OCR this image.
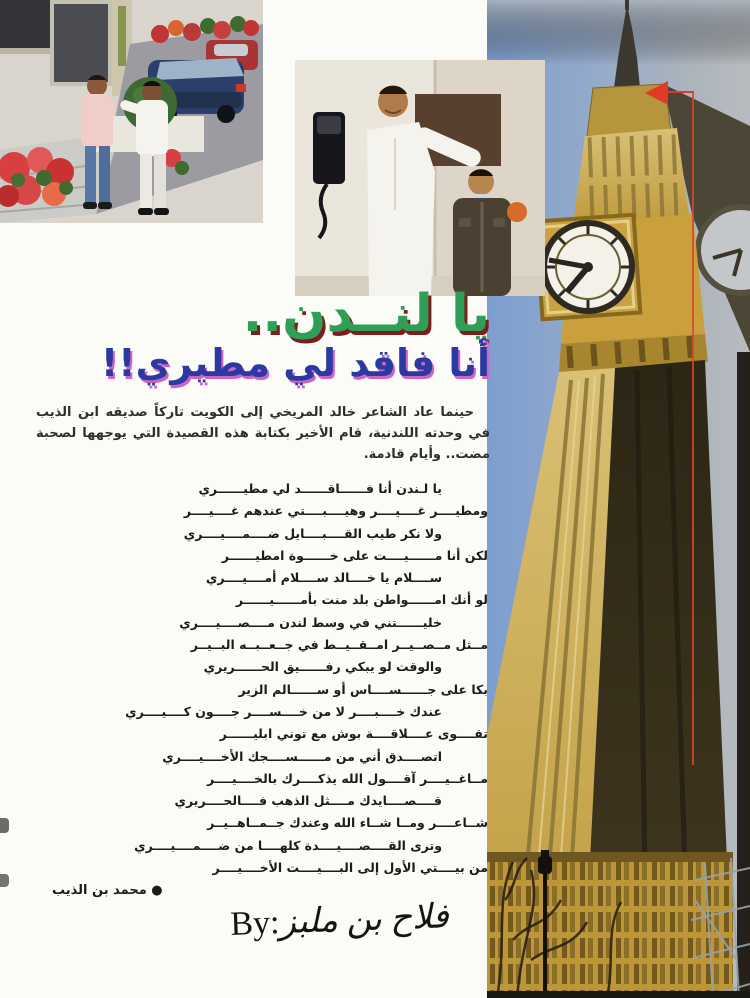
يا لنــدن..
أنا فاقد لي مطيري!!

حينما عاد الشاعر خالد المريخي إلى الكويت تاركاً صديقه ابن الذيب في وحدته اللندنية، قام الأخير بكتابة هذه القصيدة التي يوجهها لصحبة مضت.. وأيام قادمة.

يا لـندن أنا فــــــاقــــــد لي مطيــــــري
ومطيــــر غــــيــــر وهيــــبــــتي عندهم غــــيــــر
ولا نكر طيب القــــبــــايل ضــــمــــيــــري
لكن أنا مــــــيــــت على خــــــوة امطيــــــر
ســــلام يا خــــالد ســــلام أمــــيــــري
لو أنك امــــــواطن بلد منت بأمــــــيــــــر
خليــــــتني في وسط لندن مــــصــــيــــري
مــثل مــصــيــر امــقــيــط في جــعــبــه البــيــر
والوقت لو يبكي رفــــــيق الحــــــريري
بكا على جــــــســــاس أو ســــــالم الزير
عندك خــــبــــر لا من خــــســــر جــــون كــــيــــري
تقــــوى عــــلاقــــة بوش مع توني ابليــــــر
اتصــــدق أني من مــــــســــجك الأخــــيــــري
مــاغــيــــر آقــــول الله يذكــــرك بالخــــيــــر
قــــصــــايدك مــــثل الذهب فــــالحــــريري
شــاعــــر ومــا شــاء الله وعندك جــمــاهــيــر
وترى القــــصــــيــــدة كلهــــا من ضــــمــــيــــري
من بيــــتي الأول إلى البــــيــــت الأخــــيــــر
● محمد بن الذيب
By:فلاح بن ملبز
